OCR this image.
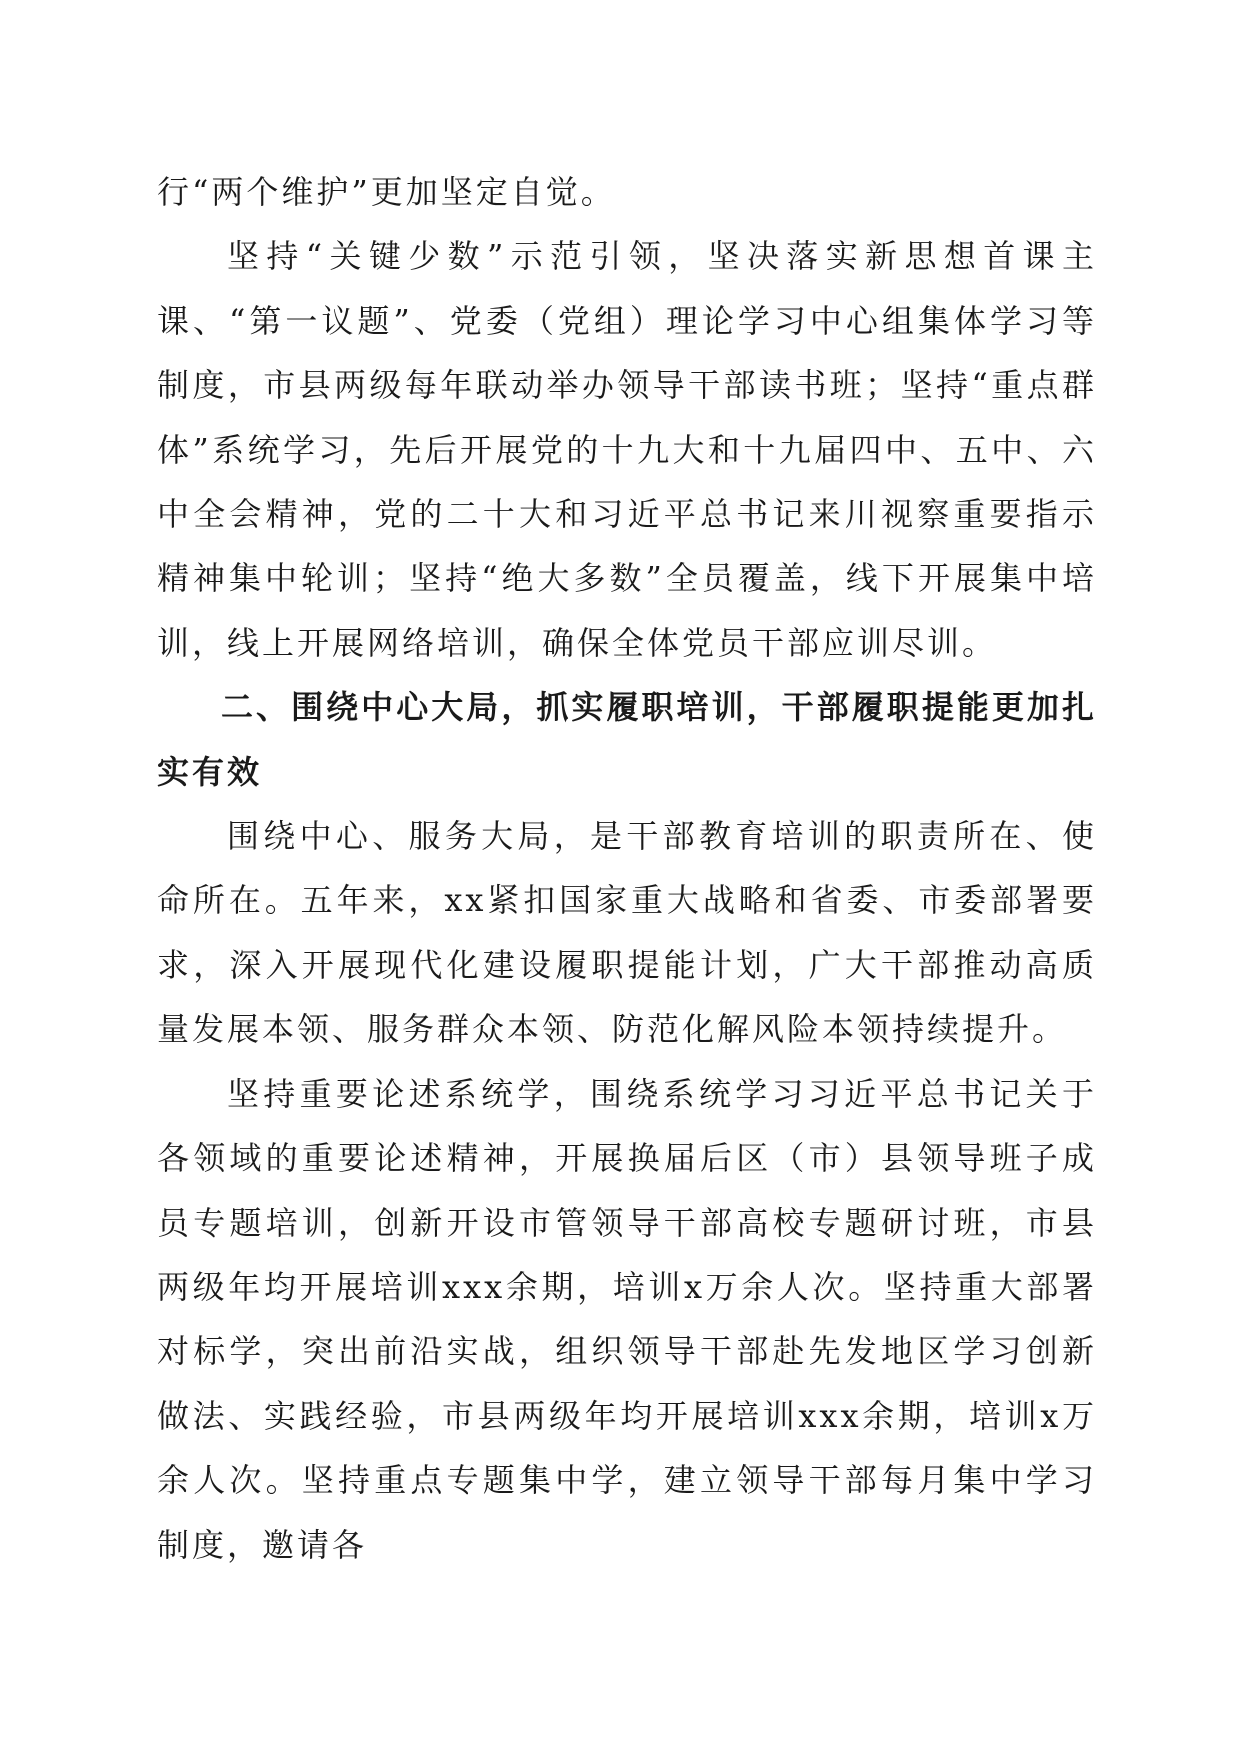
行“两个维护”更加坚定自觉。

坚持“关键少数”示范引领，坚决落实新思想首课主课、“第一议题”、党委（党组）理论学习中心组集体学习等制度，市县两级每年联动举办领导干部读书班；坚持“重点群体”系统学习，先后开展党的十九大和十九届四中、五中、六中全会精神，党的二十大和习近平总书记来川视察重要指示精神集中轮训；坚持“绝大多数”全员覆盖，线下开展集中培训，线上开展网络培训，确保全体党员干部应训尽训。

二、围绕中心大局，抓实履职培训，干部履职提能更加扎实有效

围绕中心、服务大局，是干部教育培训的职责所在、使命所在。五年来，xx紧扣国家重大战略和省委、市委部署要求，深入开展现代化建设履职提能计划，广大干部推动高质量发展本领、服务群众本领、防范化解风险本领持续提升。

坚持重要论述系统学，围绕系统学习习近平总书记关于各领域的重要论述精神，开展换届后区（市）县领导班子成员专题培训，创新开设市管领导干部高校专题研讨班，市县两级年均开展培训xxx余期，培训x万余人次。坚持重大部署对标学，突出前沿实战，组织领导干部赴先发地区学习创新做法、实践经验，市县两级年均开展培训xxx余期，培训x万余人次。坚持重点专题集中学，建立领导干部每月集中学习制度，邀请各
